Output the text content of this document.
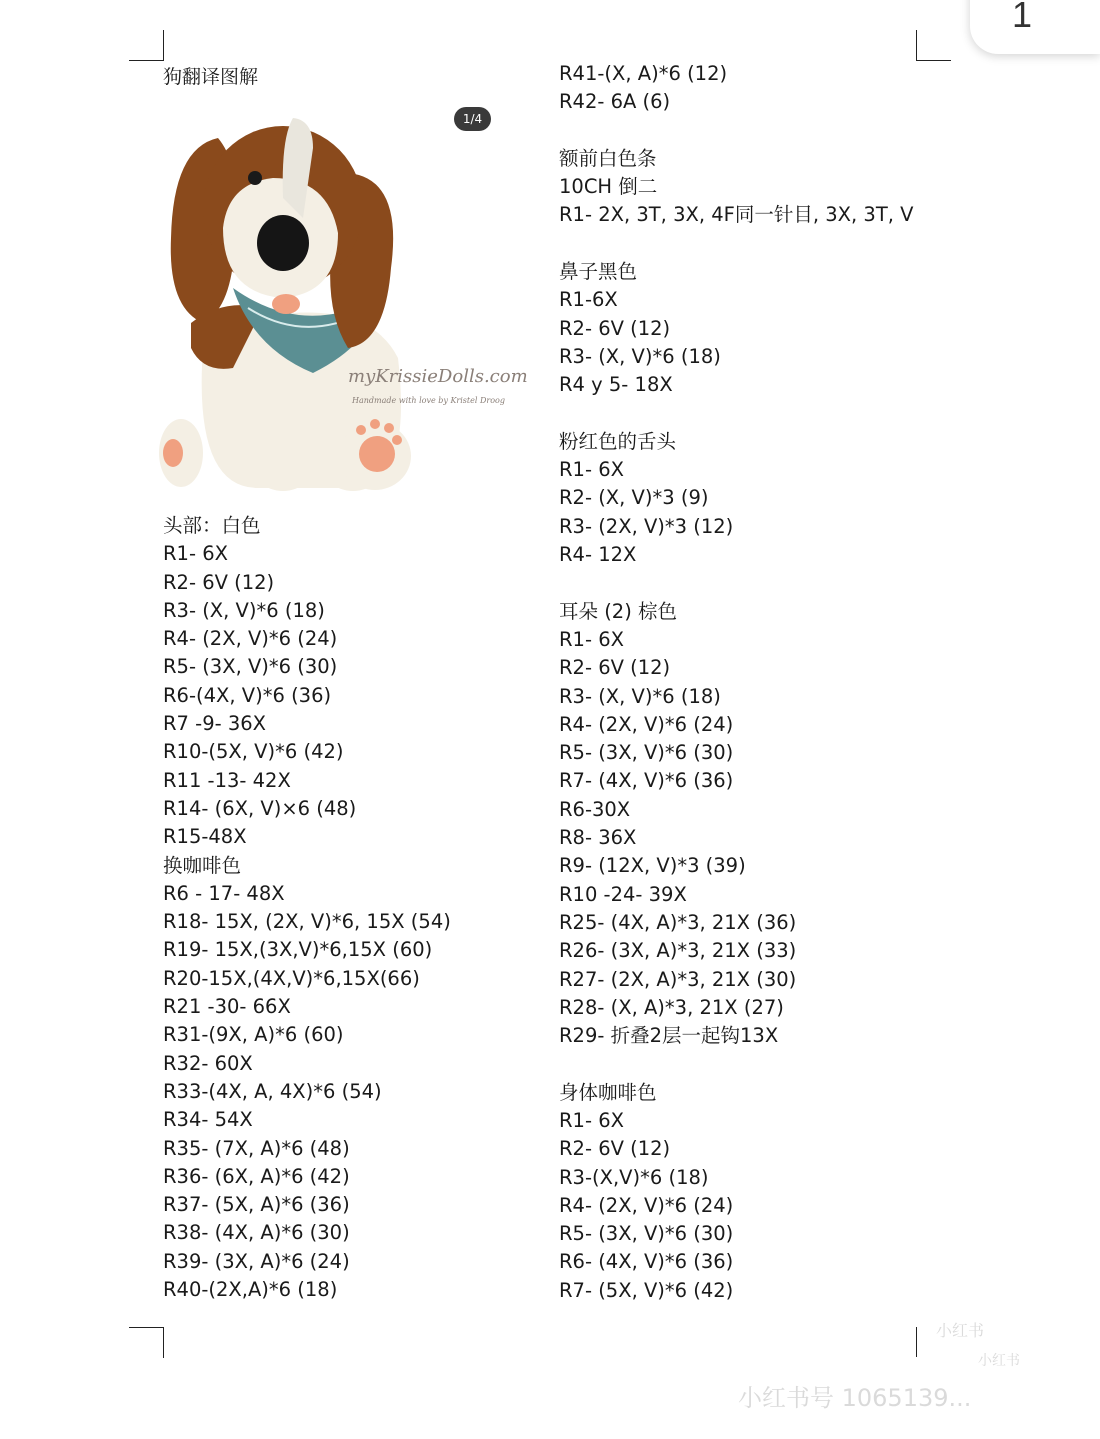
1
狗翻译图解
myKrissieDolls.com
Handmade with love by Kristel Droog
1/4
头部：白色
R1- 6X
R2- 6V (12)
R3- (X, V)*6 (18)
R4- (2X, V)*6 (24)
R5- (3X, V)*6 (30)
R6-(4X, V)*6 (36)
R7 -9- 36X
R10-(5X, V)*6 (42)
R11 -13- 42X
R14- (6X, V)×6 (48)
R15-48X
换咖啡色
R6 - 17- 48X
R18- 15X, (2X, V)*6, 15X (54)
R19- 15X,(3X,V)*6,15X (60)
R20-15X,(4X,V)*6,15X(66)
R21 -30- 66X
R31-(9X, A)*6 (60)
R32- 60X
R33-(4X, A, 4X)*6 (54)
R34- 54X
R35- (7X, A)*6 (48)
R36- (6X, A)*6 (42)
R37- (5X, A)*6 (36)
R38- (4X, A)*6 (30)
R39- (3X, A)*6 (24)
R40-(2X,A)*6 (18)
R41-(X, A)*6 (12)
R42- 6A (6)
额前白色条
10CH 倒二
R1- 2X, 3T, 3X, 4F同一针目, 3X, 3T, V
鼻子黑色
R1-6X
R2- 6V (12)
R3- (X, V)*6 (18)
R4 y 5- 18X
粉红色的舌头
R1- 6X
R2- (X, V)*3 (9)
R3- (2X, V)*3 (12)
R4- 12X
耳朵 (2) 棕色
R1- 6X
R2- 6V (12)
R3- (X, V)*6 (18)
R4- (2X, V)*6 (24)
R5- (3X, V)*6 (30)
R7- (4X, V)*6 (36)
R6-30X
R8- 36X
R9- (12X, V)*3 (39)
R10 -24- 39X
R25- (4X, A)*3, 21X (36)
R26- (3X, A)*3, 21X (33)
R27- (2X, A)*3, 21X (30)
R28- (X, A)*3, 21X (27)
R29- 折叠2层一起钩13X
身体咖啡色
R1- 6X
R2- 6V (12)
R3-(X,V)*6 (18)
R4- (2X, V)*6 (24)
R5- (3X, V)*6 (30)
R6- (4X, V)*6 (36)
R7- (5X, V)*6 (42)
小红书
小红书
小红书号 1065139...
